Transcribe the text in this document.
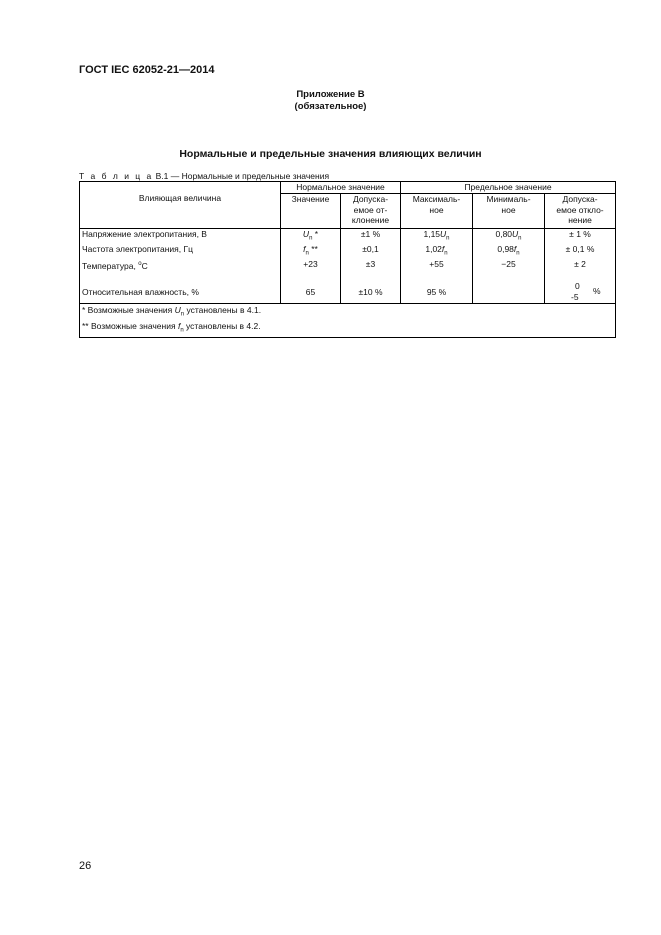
ГОСТ IEC 62052-21—2014
Приложение В
(обязательное)
Нормальные и предельные значения влияющих величин
Т а б л и ц а В.1 — Нормальные и предельные значения
Влияющая величина	Нормальное значение		Предельное значение		
	Значение	Допуска-
емое от-
клонение	Максималь-
ное	Минималь-
ное	Допуска-
емое откло-
нение
Напряжение электропитания, В	$U_n$ *	±1 %	$1,15U_n$	$0,80U_n$	± 1 %
Частота электропитания, Гц	$f_n$ **	±0,1	$1,02f_n$	$0,98f_n$	± 0,1 %
Температура, $^о$С	+23	±3	+55	−25	± 2
Относительная влажность, %	65	±10 %	95 %		0
-5
%

* Возможные значения $U_n$ установлены в 4.1.
** Возможные значения $f_n$ установлены в 4.2.					
26
